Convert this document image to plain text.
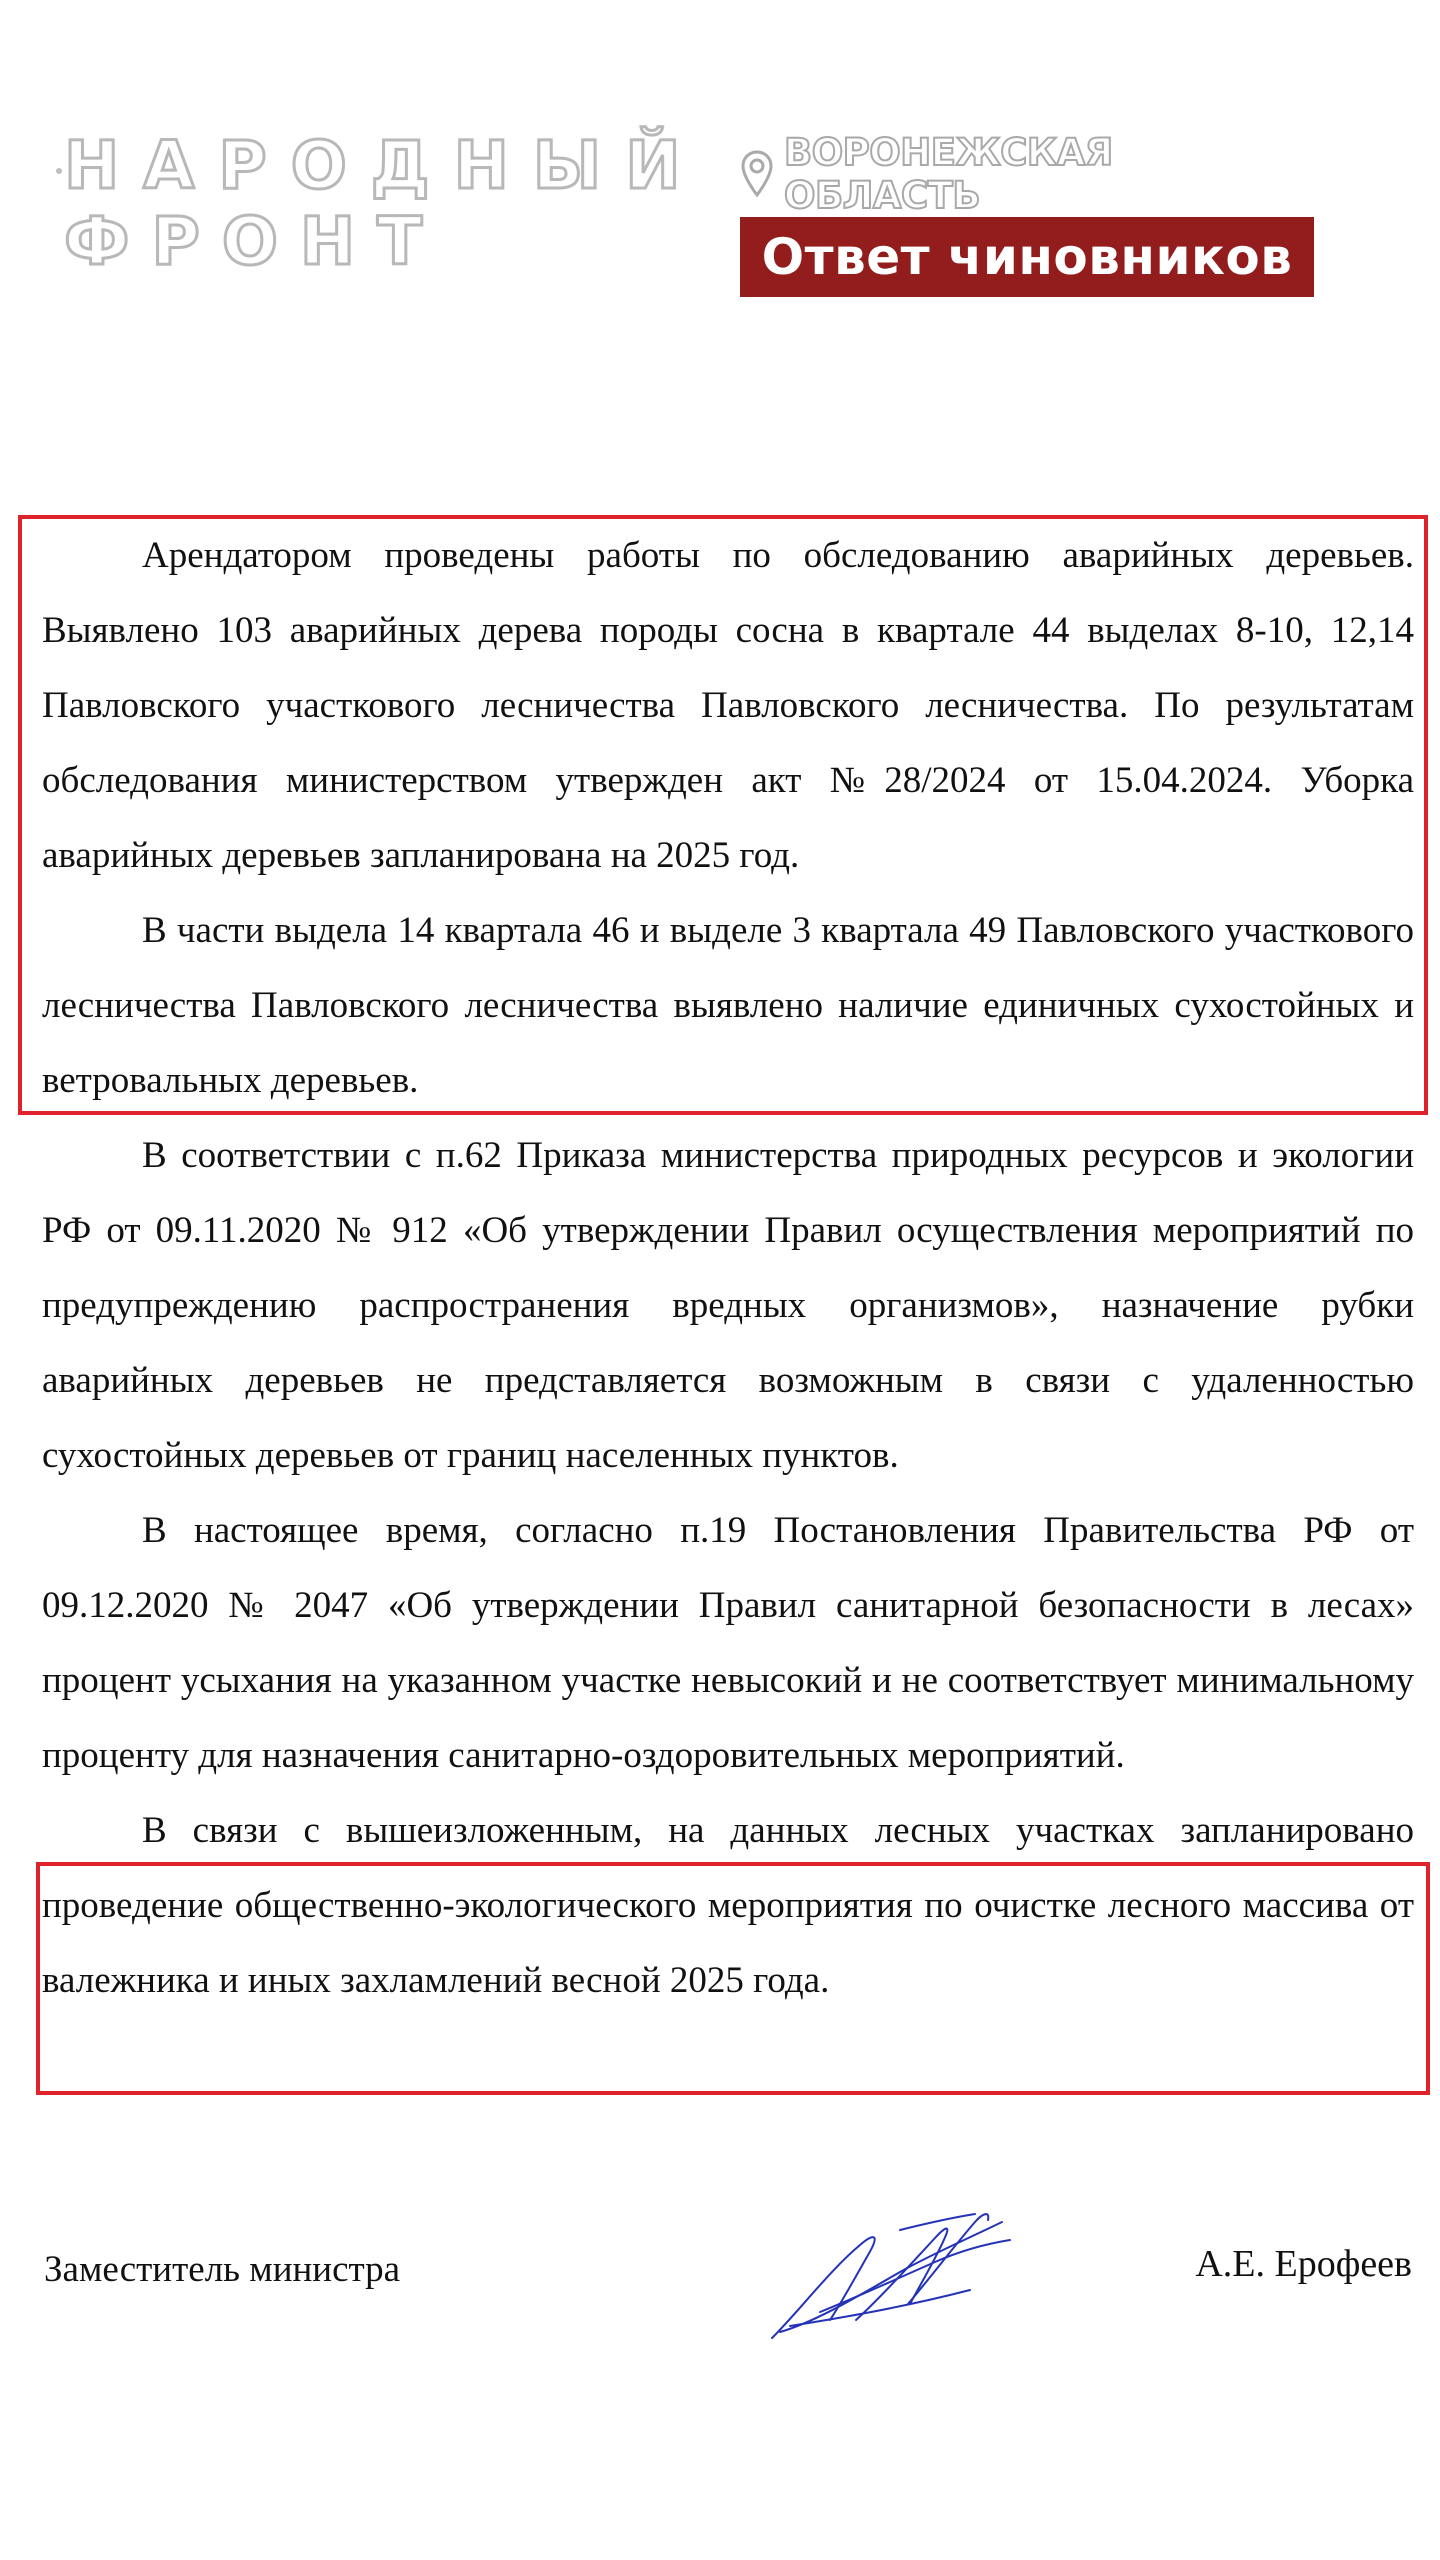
НАРОДНЫЙ
ФРОНТ
ВОРОНЕЖСКАЯ ОБЛАСТЬ
Ответ чиновников

Арендатором проведены работы по обследованию аварийных деревьев. Выявлено 103 аварийных дерева породы сосна в квартале 44 выделах 8-10, 12,14 Павловского участкового лесничества Павловского лесничества. По результатам обследования министерством утвержден акт №28/2024 от 15.04.2024. Уборка аварийных деревьев запланирована на 2025 год.

В части выдела 14 квартала 46 и выделе 3 квартала 49 Павловского участкового лесничества Павловского лесничества выявлено наличие единичных сухостойных и ветровальных деревьев.

В соответствии с п.62 Приказа министерства природных ресурсов и экологии РФ от 09.11.2020 № 912 «Об утверждении Правил осуществления мероприятий по предупреждению распространения вредных организмов», назначение рубки аварийных деревьев не представляется возможным в связи с удаленностью сухостойных деревьев от границ населенных пунктов.

В настоящее время, согласно п.19 Постановления Правительства РФ от 09.12.2020 № 2047 «Об утверждении Правил санитарной безопасности в лесах» процент усыхания на указанном участке невысокий и не соответствует минимальному проценту для назначения санитарно-оздоровительных мероприятий.

В связи с вышеизложенным, на данных лесных участках запланировано проведение общественно-экологического мероприятия по очистке лесного массива от валежника и иных захламлений весной 2025 года.

Заместитель министра	А.Е. Ерофеев
